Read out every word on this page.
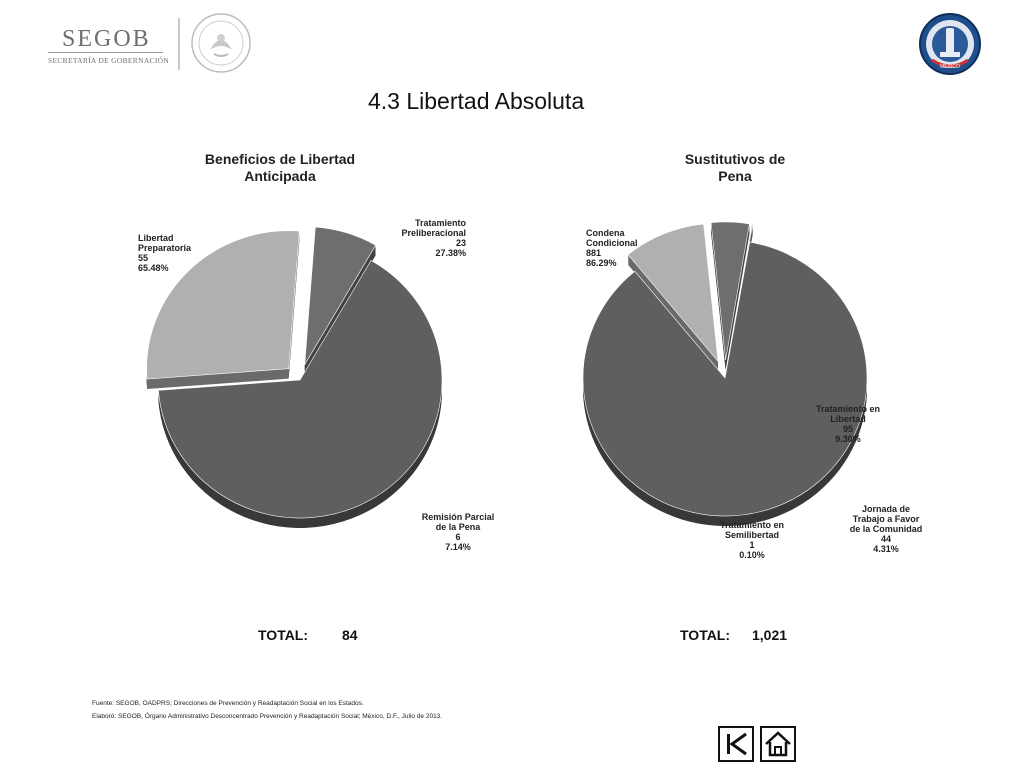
SEGOB
SECRETARÍA DE GOBERNACIÓN
MÉXICO
4.3 Libertad Absoluta
Beneficios de Libertad
Anticipada
Libertad
Preparatoria
55
65.48%
Tratamiento
Preliberacional
23
27.38%
Remisión Parcial
de la Pena
6
7.14%
TOTAL: 84
Sustitutivos de
Pena
Condena
Condicional
881
86.29%
Tratamiento en
Libertad
95
9.30%
Jornada de
Trabajo a Favor
de la Comunidad
44
4.31%
Tratamiento en
Semilibertad
1
0.10%
TOTAL: 1,021
Fuente: SEGOB, OADPRS; Direcciones de Prevención y Readaptación Social en los Estados.
Elaboró: SEGOB, Órgano Administrativo Desconcentrado Prevención y Readaptación Social; México, D.F., Julio de 2013.
